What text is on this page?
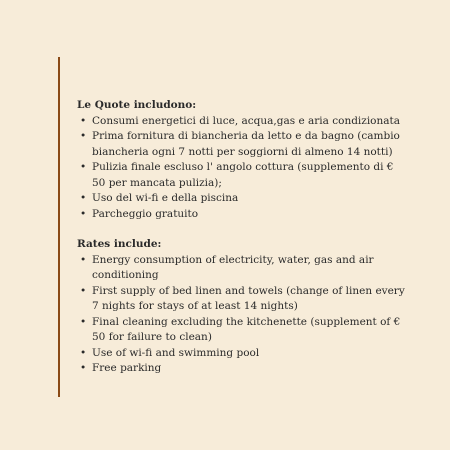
Le Quote includono:

• Consumi energetici di luce, acqua,gas e aria condizionata
• Prima fornitura di biancheria da letto e da bagno (cambio biancheria ogni 7 notti per soggiorni di almeno 14 notti)
• Pulizia finale escluso l' angolo cottura (supplemento di € 50 per mancata pulizia);
• Uso del wi-fi e della piscina
• Parcheggio gratuito

Rates include:

• Energy consumption of electricity, water, gas and air conditioning
• First supply of bed linen and towels (change of linen every 7 nights for stays of at least 14 nights)
• Final cleaning excluding the kitchenette (supplement of € 50 for failure to clean)
• Use of wi-fi and swimming pool
• Free parking
